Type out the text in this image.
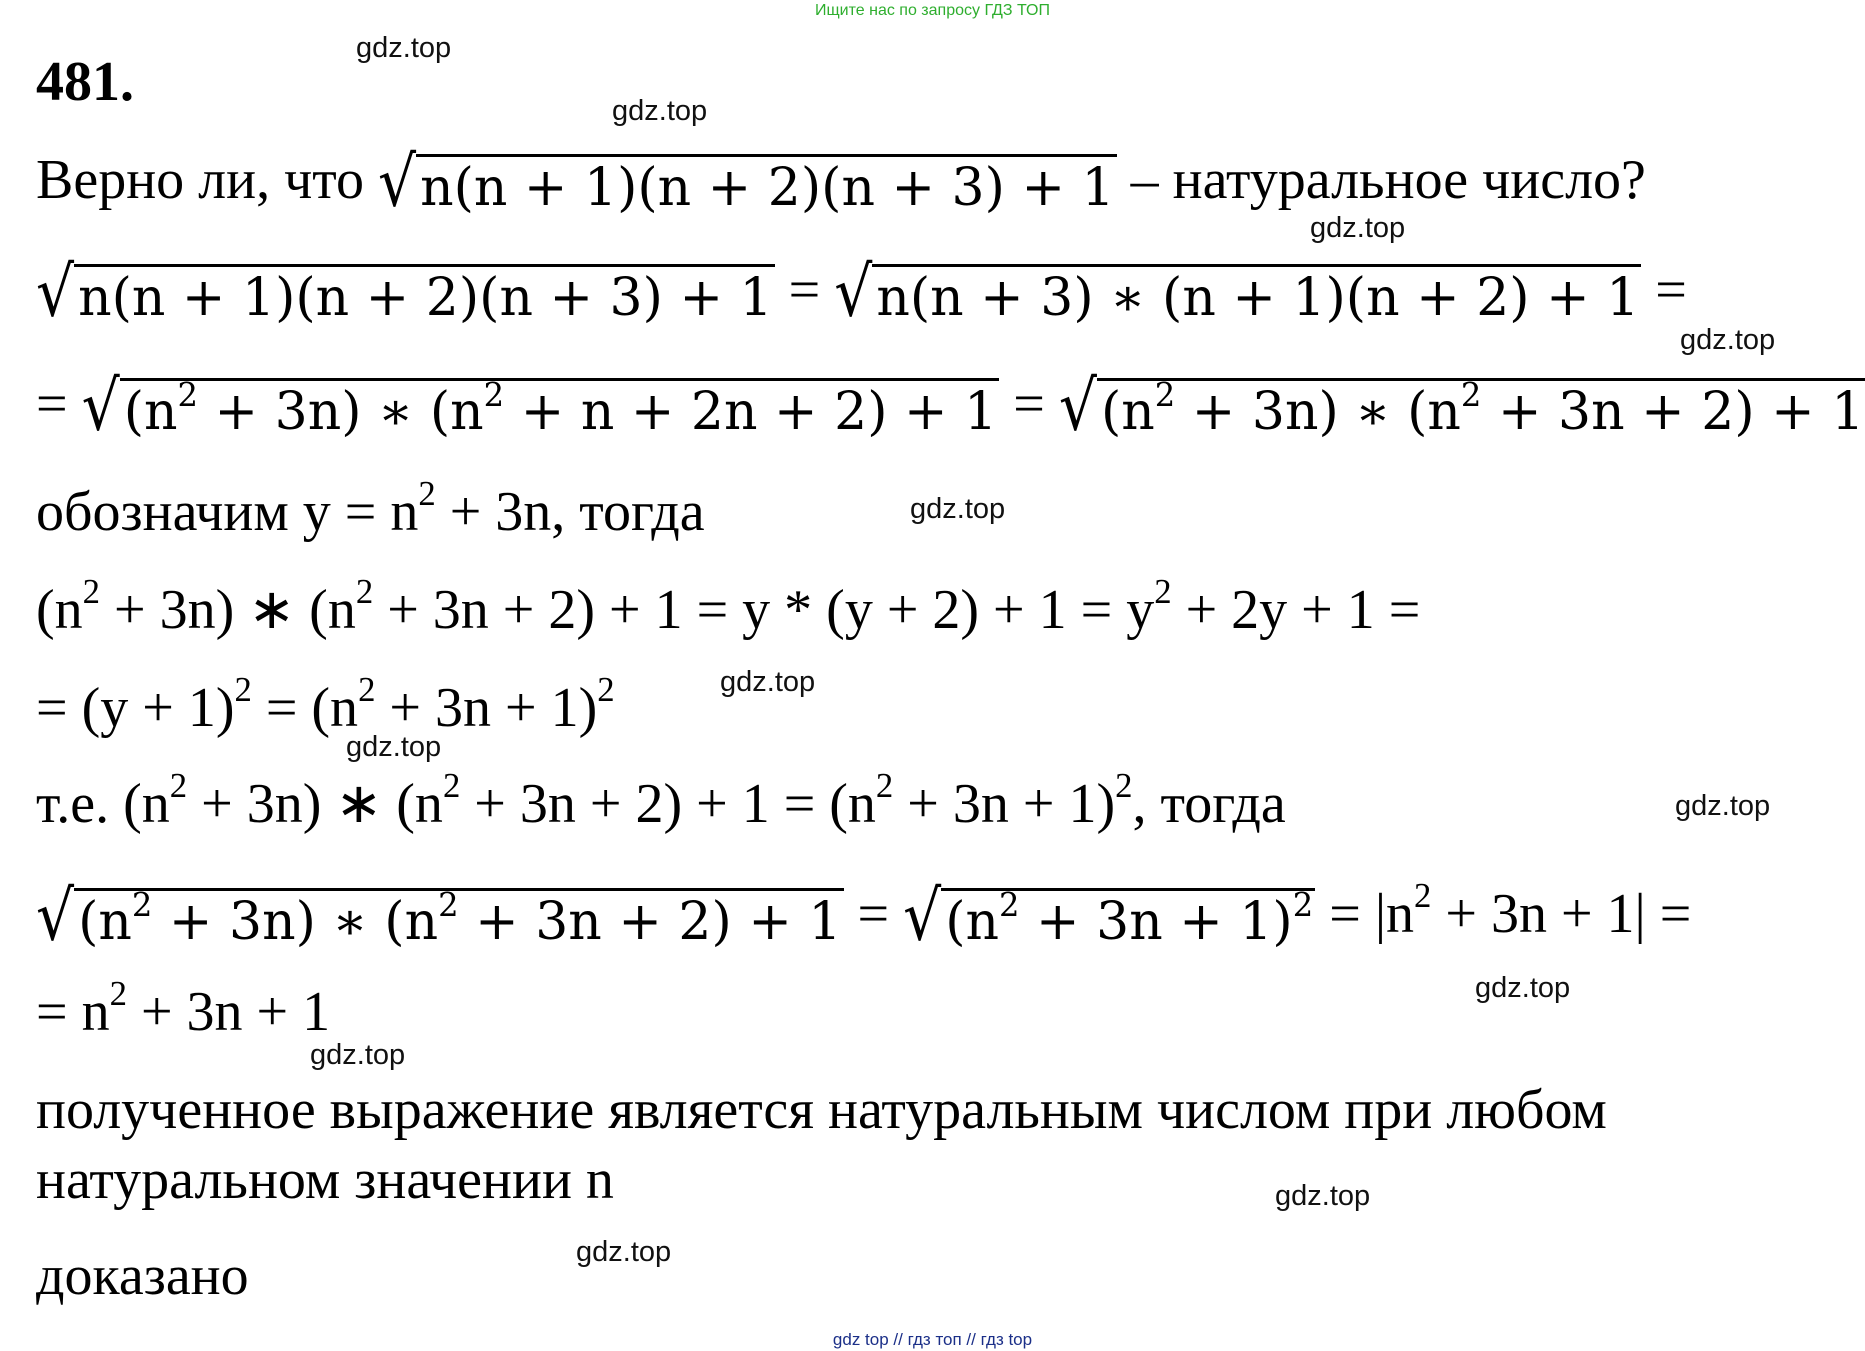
Ищите нас по запросу ГДЗ ТОП
481.
gdz.top
gdz.top
gdz.top
gdz.top
gdz.top
gdz.top
gdz.top
gdz.top
gdz.top
gdz.top
gdz.top
gdz.top
Верно ли, что √ n(n + 1)(n + 2)(n + 3) + 1 – натуральное число?
√ n(n + 1)(n + 2)(n + 3) + 1 = √ n(n + 3) ∗ (n + 1)(n + 2) + 1 =
= √ $(n^2 + 3n)$ ∗ $(n^2 + n + 2n + 2) + 1$ = √ $(n^2 + 3n)$ ∗ $(n^2 + 3n + 2) + 1$
обозначим $y = n^2 + 3n$, тогда
$(n^2 + 3n)$ ∗ $(n^2 + 3n + 2) + 1 = y * (y + 2) + 1 = y^2 + 2y + 1$ =
= $(y + 1)^2 = (n^2 + 3n + 1)^2$
т.е. $(n^2 + 3n)$ ∗ $(n^2 + 3n + 2) + 1 = (n^2 + 3n + 1)^2$, тогда
√ $(n^2 + 3n)$ ∗ $(n^2 + 3n + 2) + 1$ = √ $(n^2 + 3n + 1)^2 = |n^2 + 3n + 1|$ =
= $n^2 + 3n + 1$
полученное выражение является натуральным числом при любом
натуральном значении n
доказано
gdz top // гдз топ // гдз top
